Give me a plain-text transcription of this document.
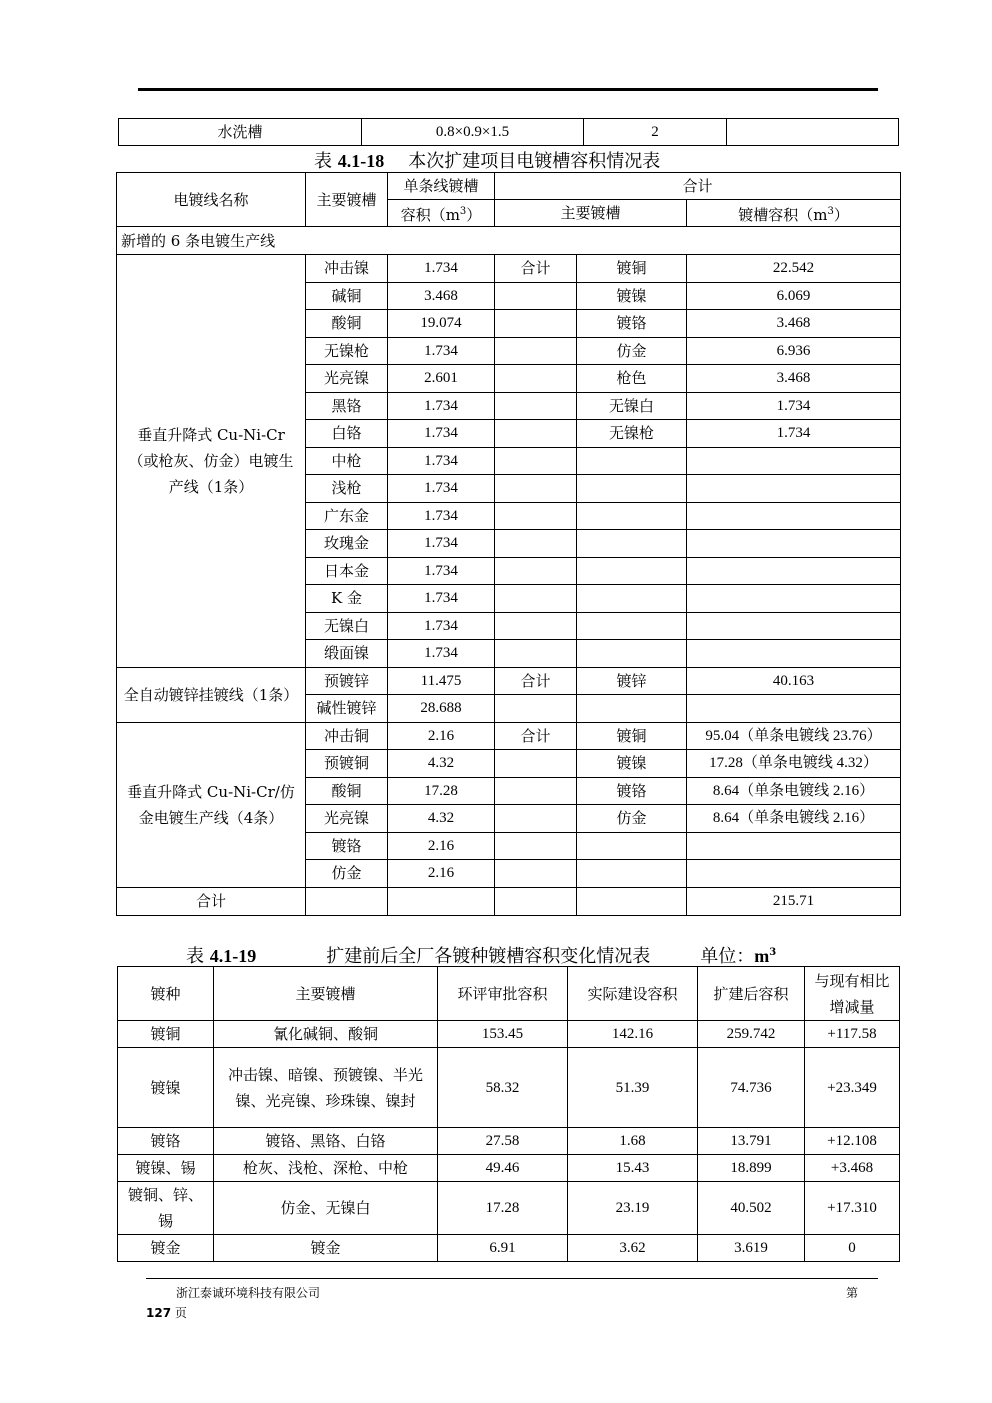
水洗槽	0.8×0.9×1.5	2	
表 4.1-18 本次扩建项目电镀槽容积情况表
电镀线名称	主要镀槽	单条线镀槽	合计		
		容积$(m^3)$	主要镀槽		镀槽容积$(m^3)$
新增的 6 条电镀生产线					
垂直升降式 Cu-Ni-Cr（或枪灰、仿金）电镀生产线（1条）	冲击镍	1.734	合计	镀铜	22.542
	碱铜	3.468		镀镍	6.069
	酸铜	19.074		镀铬	3.468
	无镍枪	1.734		仿金	6.936
	光亮镍	2.601		枪色	3.468
	黑铬	1.734		无镍白	1.734
	白铬	1.734		无镍枪	1.734
	中枪	1.734			
	浅枪	1.734			
	广东金	1.734			
	玫瑰金	1.734			
	日本金	1.734			
	K 金	1.734			
	无镍白	1.734			
	缎面镍	1.734			
全自动镀锌挂镀线（1条）	预镀锌	11.475	合计	镀锌	40.163
	碱性镀锌	28.688			
垂直升降式 Cu-Ni-Cr/仿金电镀生产线（4条）	冲击铜	2.16	合计	镀铜	95.04（单条电镀线 23.76）
	预镀铜	4.32		镀镍	17.28（单条电镀线 4.32）
	酸铜	17.28		镀铬	8.64（单条电镀线 2.16）
	光亮镍	4.32		仿金	8.64（单条电镀线 2.16）
	镀铬	2.16			
	仿金	2.16			
合计					215.71
表 4.1-19	扩建前后全厂各镀种镀槽容积变化情况表	单位：$m^3$
镀种	主要镀槽	环评审批容积	实际建设容积	扩建后容积	与现有相比增减量
镀铜	氰化碱铜、酸铜	153.45	142.16	259.742	+117.58
镀镍	冲击镍、暗镍、预镀镍、半光镍、光亮镍、珍珠镍、镍封	58.32	51.39	74.736	+23.349
镀铬	镀铬、黑铬、白铬	27.58	1.68	13.791	+12.108
镀镍、锡	枪灰、浅枪、深枪、中枪	49.46	15.43	18.899	+3.468
镀铜、锌、锡	仿金、无镍白	17.28	23.19	40.502	+17.310
镀金	镀金	6.91	3.62	3.619	0
浙江泰诚环境科技有限公司	第
127 页
